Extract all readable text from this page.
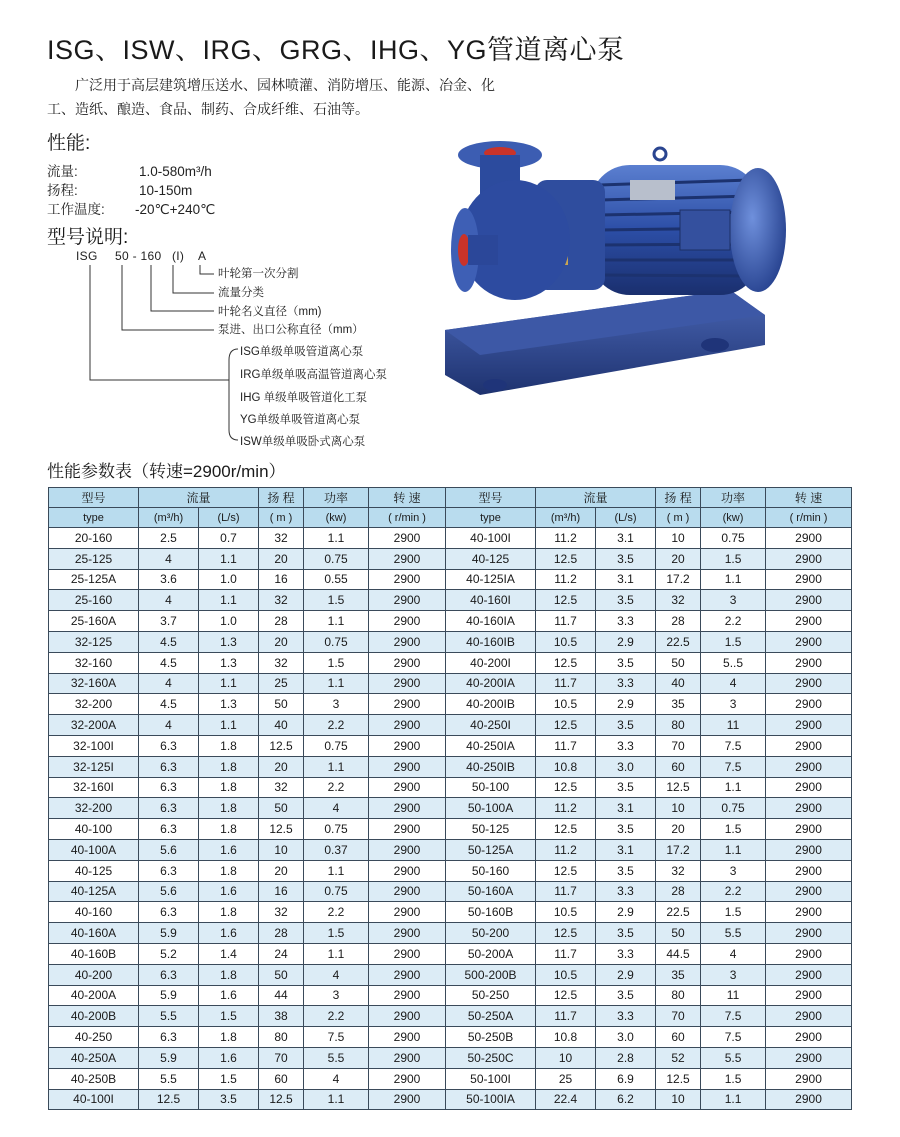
ISG、ISW、IRG、GRG、IHG、YG管道离心泵
广泛用于高层建筑增压送水、园林喷灌、消防增压、能源、冶金、化工、造纸、酿造、食品、制药、合成纤维、石油等。
性能:
流量:	1.0-580m³/h
扬程:	10-150m
工作温度: -20℃+240℃
型号说明:
ISG 50 - 160 (I) A
叶轮第一次分割
流量分类
叶轮名义直径（mm)
泵进、出口公称直径（mm）
ISG单级单吸管道离心泵
IRG单级单吸高温管道离心泵
IHG 单级单吸管道化工泵
YG单级单吸管道离心泵
ISW单级单吸卧式离心泵
性能参数表（转速=2900r/min）
型号	流量		扬 程	功率	转 速	型号	流量		扬 程	功率	转 速
type	(m³/h)	(L/s)	( m )	(kw)	( r/min )	type	(m³/h)	(L/s)	( m )	(kw)	( r/min )
20-160	2.5	0.7	32	1.1	2900	40-100I	11.2	3.1	10	0.75	2900
25-125	4	1.1	20	0.75	2900	40-125	12.5	3.5	20	1.5	2900
25-125A	3.6	1.0	16	0.55	2900	40-125IA	11.2	3.1	17.2	1.1	2900
25-160	4	1.1	32	1.5	2900	40-160I	12.5	3.5	32	3	2900
25-160A	3.7	1.0	28	1.1	2900	40-160IA	11.7	3.3	28	2.2	2900
32-125	4.5	1.3	20	0.75	2900	40-160IB	10.5	2.9	22.5	1.5	2900
32-160	4.5	1.3	32	1.5	2900	40-200I	12.5	3.5	50	5..5	2900
32-160A	4	1.1	25	1.1	2900	40-200IA	11.7	3.3	40	4	2900
32-200	4.5	1.3	50	3	2900	40-200IB	10.5	2.9	35	3	2900
32-200A	4	1.1	40	2.2	2900	40-250I	12.5	3.5	80	11	2900
32-100I	6.3	1.8	12.5	0.75	2900	40-250IA	11.7	3.3	70	7.5	2900
32-125I	6.3	1.8	20	1.1	2900	40-250IB	10.8	3.0	60	7.5	2900
32-160I	6.3	1.8	32	2.2	2900	50-100	12.5	3.5	12.5	1.1	2900
32-200	6.3	1.8	50	4	2900	50-100A	11.2	3.1	10	0.75	2900
40-100	6.3	1.8	12.5	0.75	2900	50-125	12.5	3.5	20	1.5	2900
40-100A	5.6	1.6	10	0.37	2900	50-125A	11.2	3.1	17.2	1.1	2900
40-125	6.3	1.8	20	1.1	2900	50-160	12.5	3.5	32	3	2900
40-125A	5.6	1.6	16	0.75	2900	50-160A	11.7	3.3	28	2.2	2900
40-160	6.3	1.8	32	2.2	2900	50-160B	10.5	2.9	22.5	1.5	2900
40-160A	5.9	1.6	28	1.5	2900	50-200	12.5	3.5	50	5.5	2900
40-160B	5.2	1.4	24	1.1	2900	50-200A	11.7	3.3	44.5	4	2900
40-200	6.3	1.8	50	4	2900	500-200B	10.5	2.9	35	3	2900
40-200A	5.9	1.6	44	3	2900	50-250	12.5	3.5	80	11	2900
40-200B	5.5	1.5	38	2.2	2900	50-250A	11.7	3.3	70	7.5	2900
40-250	6.3	1.8	80	7.5	2900	50-250B	10.8	3.0	60	7.5	2900
40-250A	5.9	1.6	70	5.5	2900	50-250C	10	2.8	52	5.5	2900
40-250B	5.5	1.5	60	4	2900	50-100I	25	6.9	12.5	1.5	2900
40-100I	12.5	3.5	12.5	1.1	2900	50-100IA	22.4	6.2	10	1.1	2900
